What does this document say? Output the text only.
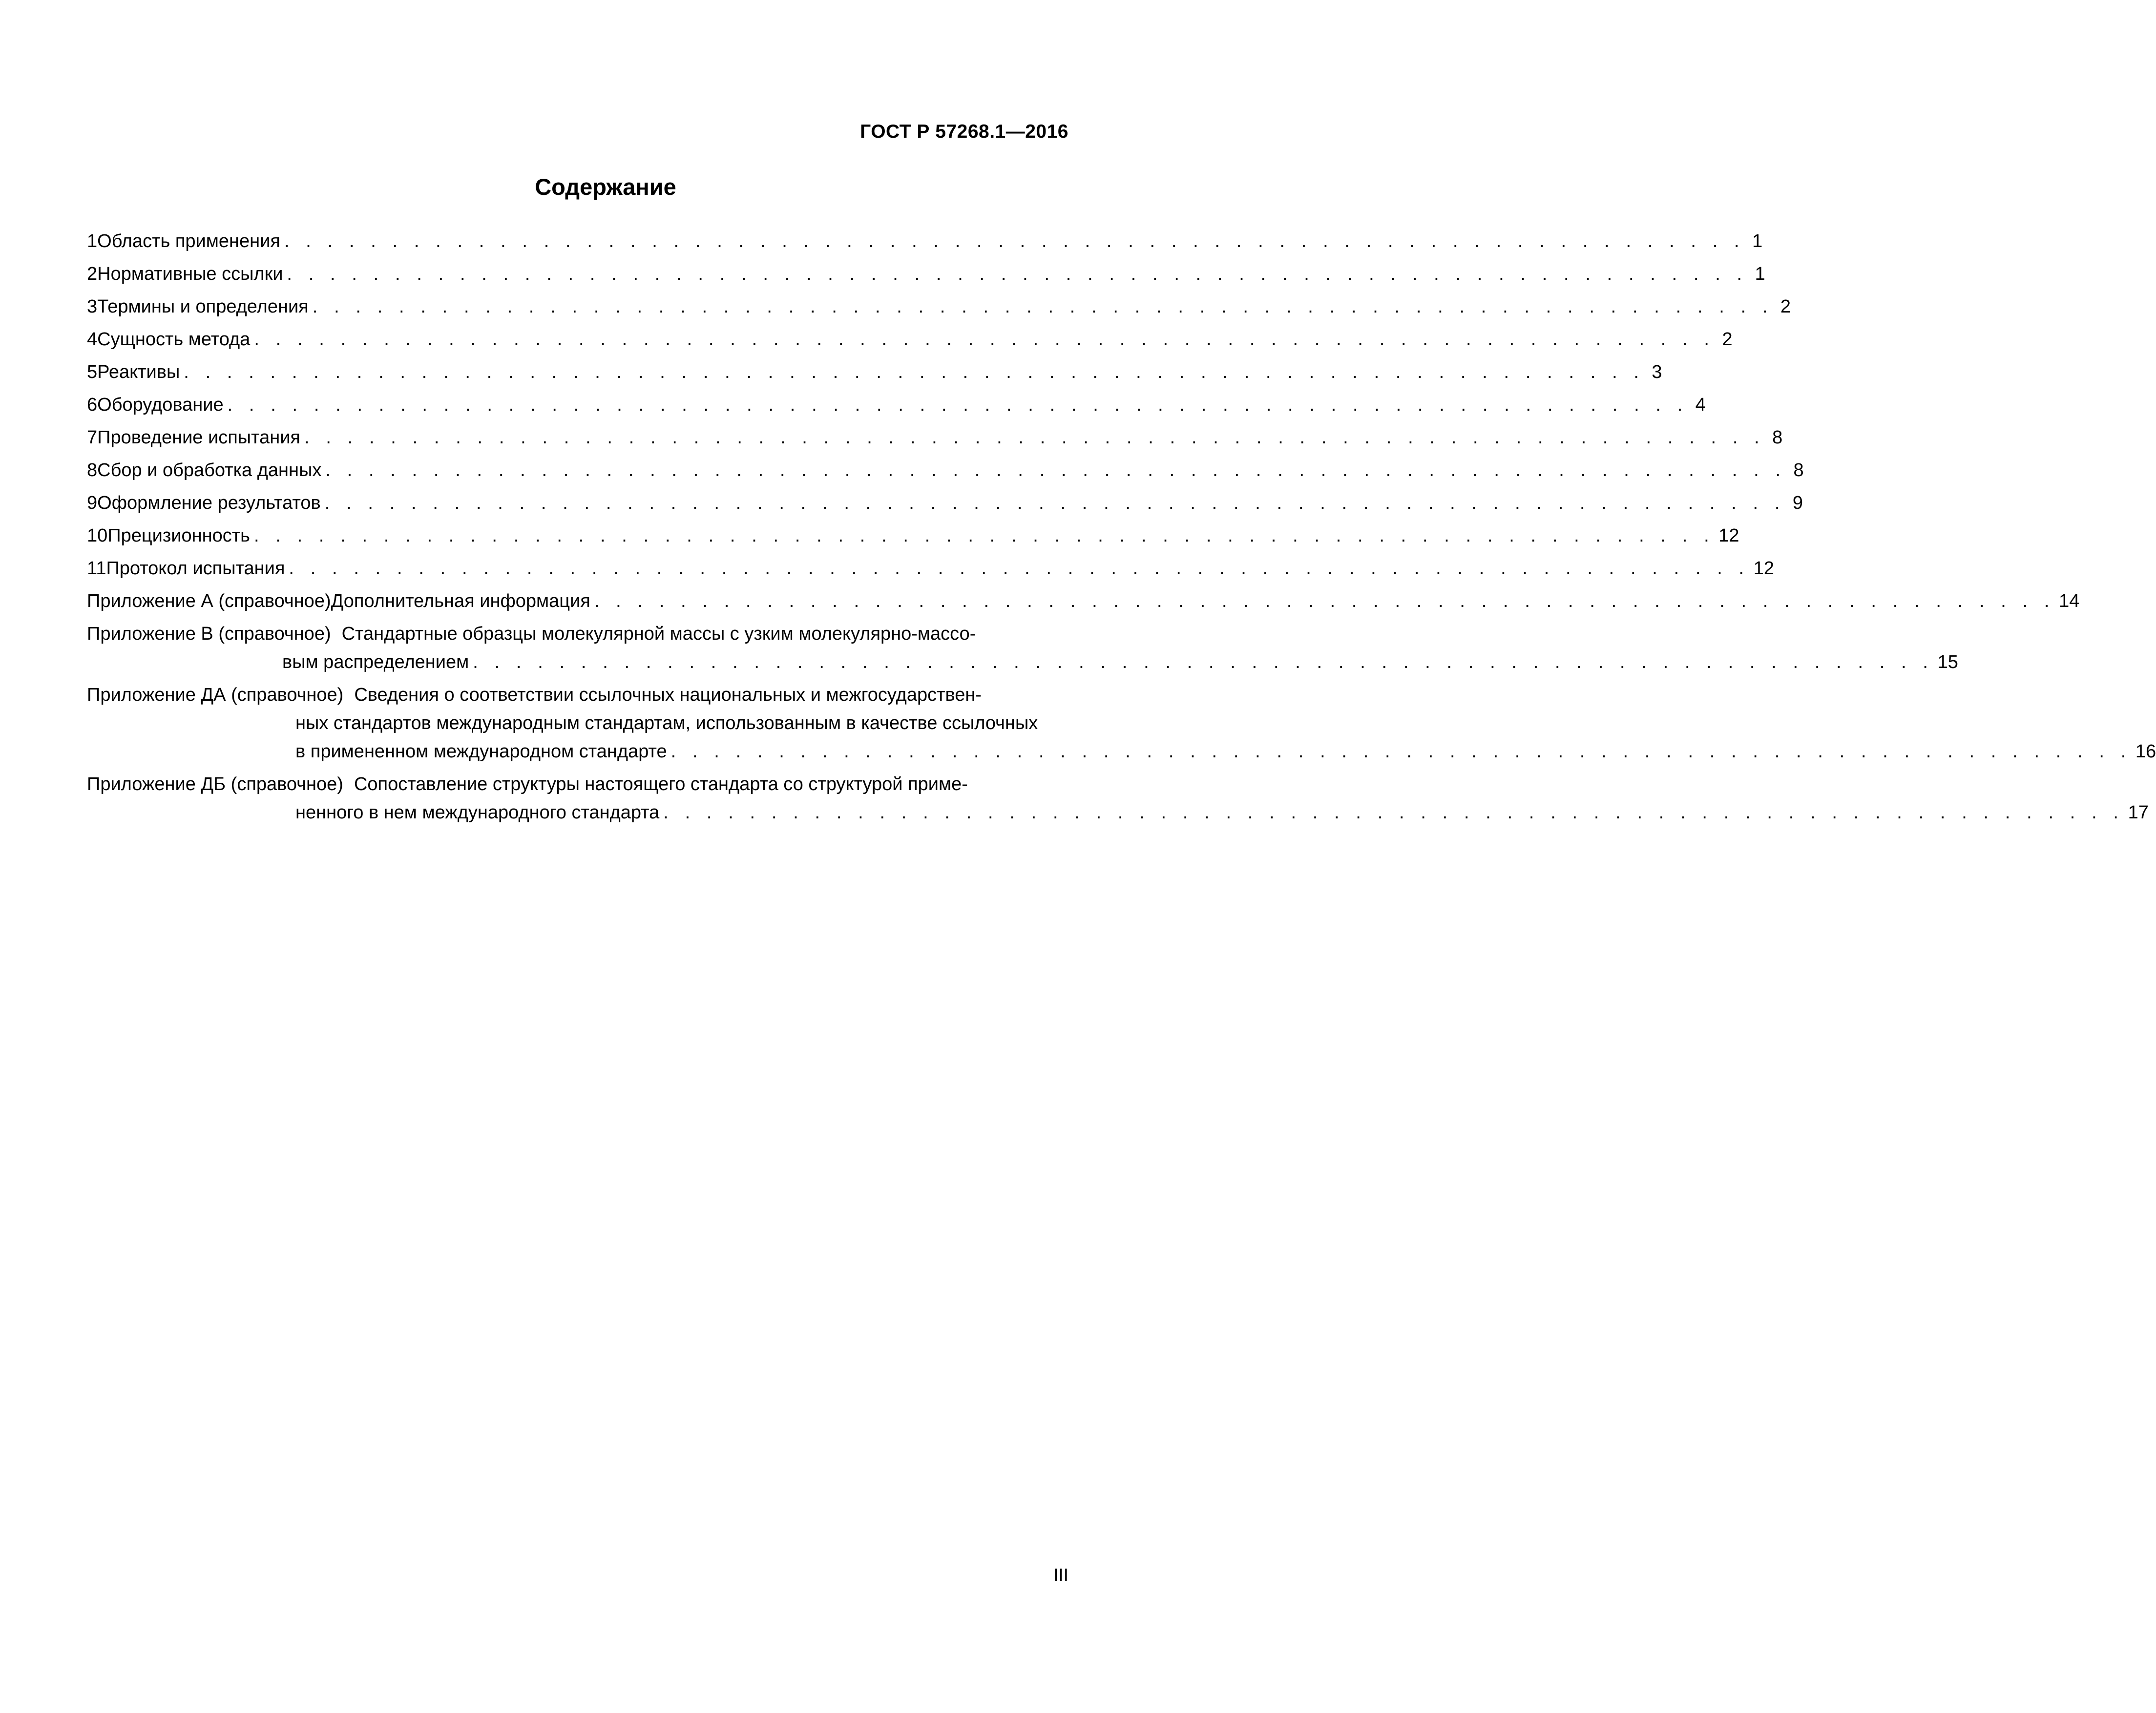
ГОСТ Р 57268.1—2016
Содержание
1 Область применения . . . . . . . . . . . . . . . . . . . . . . . . . . . . . . . . . . . . . . . . . . . . . . . . . . . . . . . . . . . . . . . . . . . . 1
2 Нормативные ссылки . . . . . . . . . . . . . . . . . . . . . . . . . . . . . . . . . . . . . . . . . . . . . . . . . . . . . . . . . . . . . . . . . . . . 1
3 Термины и определения . . . . . . . . . . . . . . . . . . . . . . . . . . . . . . . . . . . . . . . . . . . . . . . . . . . . . . . . . . . . . . . . . . . . 2
4 Сущность метода . . . . . . . . . . . . . . . . . . . . . . . . . . . . . . . . . . . . . . . . . . . . . . . . . . . . . . . . . . . . . . . . . . . . 2
5 Реактивы . . . . . . . . . . . . . . . . . . . . . . . . . . . . . . . . . . . . . . . . . . . . . . . . . . . . . . . . . . . . . . . . . . . . 3
6 Оборудование . . . . . . . . . . . . . . . . . . . . . . . . . . . . . . . . . . . . . . . . . . . . . . . . . . . . . . . . . . . . . . . . . . . . 4
7 Проведение испытания . . . . . . . . . . . . . . . . . . . . . . . . . . . . . . . . . . . . . . . . . . . . . . . . . . . . . . . . . . . . . . . . . . . . 8
8 Сбор и обработка данных . . . . . . . . . . . . . . . . . . . . . . . . . . . . . . . . . . . . . . . . . . . . . . . . . . . . . . . . . . . . . . . . . . . . 8
9 Оформление результатов . . . . . . . . . . . . . . . . . . . . . . . . . . . . . . . . . . . . . . . . . . . . . . . . . . . . . . . . . . . . . . . . . . . . 9
10 Прецизионность . . . . . . . . . . . . . . . . . . . . . . . . . . . . . . . . . . . . . . . . . . . . . . . . . . . . . . . . . . . . . . . . . . . . 12
11 Протокол испытания . . . . . . . . . . . . . . . . . . . . . . . . . . . . . . . . . . . . . . . . . . . . . . . . . . . . . . . . . . . . . . . . . . . . 12
Приложение А (справочное) Дополнительная информация . . . . . . . . . . . . . . . . . . . . . . . . . . . . . . . . . . . . . . . . . . . . . . . . . . . . . . . . . . . . . . . . . . . . 14
Приложение В (справочное) Стандартные образцы молекулярной массы с узким молекулярно-массо-
вым распределением . . . . . . . . . . . . . . . . . . . . . . . . . . . . . . . . . . . . . . . . . . . . . . . . . . . . . . . . . . . . . . . . . . . . 15
Приложение ДА (справочное) Сведения о соответствии ссылочных национальных и межгосударствен-
ных стандартов международным стандартам, использованным в качестве ссылочных
в примененном международном стандарте . . . . . . . . . . . . . . . . . . . . . . . . . . . . . . . . . . . . . . . . . . . . . . . . . . . . . . . . . . . . . . . . . . . . 16
Приложение ДБ (справочное) Сопоставление структуры настоящего стандарта со структурой приме-
ненного в нем международного стандарта . . . . . . . . . . . . . . . . . . . . . . . . . . . . . . . . . . . . . . . . . . . . . . . . . . . . . . . . . . . . . . . . . . . . 17
III
